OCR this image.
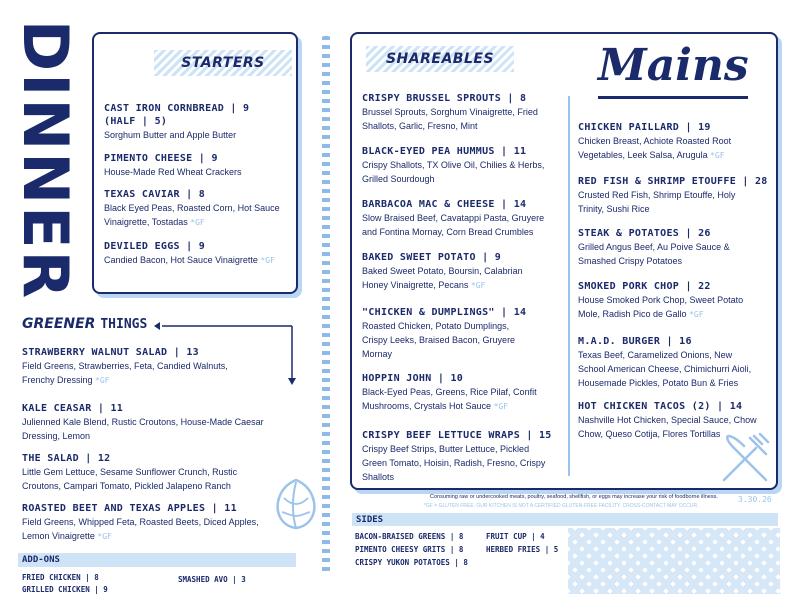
DINNER	STARTERS
CAST IRON CORNBREAD | 9
(HALF | 5)
Sorghum Butter and Apple Butter
PIMENTO CHEESE | 9
House-Made Red Wheat Crackers
TEXAS CAVIAR | 8
Black Eyed Peas, Roasted Corn, Hot Sauce
Vinaigrette, Tostadas *GF
DEVILED EGGS | 9
Candied Bacon, Hot Sauce Vinaigrette *GF
GREENER THINGS
STRAWBERRY WALNUT SALAD | 13
Field Greens, Strawberries, Feta, Candied Walnuts,
Frenchy Dressing *GF
KALE CEASAR | 11
Julienned Kale Blend, Rustic Croutons, House-Made Caesar
Dressing, Lemon
THE SALAD | 12
Little Gem Lettuce, Sesame Sunflower Crunch, Rustic
Croutons, Campari Tomato, Pickled Jalapeno Ranch
ROASTED BEET AND TEXAS APPLES | 11
Field Greens, Whipped Feta, Roasted Beets, Diced Apples,
Lemon Vinaigrette *GF
ADD-ONS
FRIED CHICKEN | 8
GRILLED CHICKEN | 9
SMASHED AVO | 3
SHAREABLES
CRISPY BRUSSEL SPROUTS | 8
Brussel Sprouts, Sorghum Vinaigrette, Fried
Shallots, Garlic, Fresno, Mint
BLACK-EYED PEA HUMMUS | 11
Crispy Shallots, TX Olive Oil, Chilies & Herbs,
Grilled Sourdough
BARBACOA MAC & CHEESE | 14
Slow Braised Beef, Cavatappi Pasta, Gruyere
and Fontina Mornay, Corn Bread Crumbles
BAKED SWEET POTATO | 9
Baked Sweet Potato, Boursin, Calabrian
Honey Vinaigrette, Pecans *GF
"CHICKEN & DUMPLINGS" | 14
Roasted Chicken, Potato Dumplings,
Crispy Leeks, Braised Bacon, Gruyere
Mornay
HOPPIN JOHN | 10
Black-Eyed Peas, Greens, Rice Pilaf, Confit
Mushrooms, Crystals Hot Sauce *GF
CRISPY BEEF LETTUCE WRAPS | 15
Crispy Beef Strips, Butter Lettuce, Pickled
Green Tomato, Hoisin, Radish, Fresno, Crispy
Shallots
Mains
CHICKEN PAILLARD | 19
Chicken Breast, Achiote Roasted Root
Vegetables, Leek Salsa, Arugula *GF
RED FISH & SHRIMP ETOUFFE | 28
Crusted Red Fish, Shrimp Etouffe, Holy
Trinity, Sushi Rice
STEAK & POTATOES | 26
Grilled Angus Beef, Au Poive Sauce &
Smashed Crispy Potatoes
SMOKED PORK CHOP | 22
House Smoked Pork Chop, Sweet Potato
Mole, Radish Pico de Gallo *GF
M.A.D. BURGER | 16
Texas Beef, Caramelized Onions, New
School American Cheese, Chimichurri Aioli,
Housemade Pickles, Potato Bun & Fries
HOT CHICKEN TACOS (2) | 14
Nashville Hot Chicken, Special Sauce, Chow
Chow, Queso Cotija, Flores Tortillas
Consuming raw or undercooked meats, poultry, seafood, shellfish, or eggs may increase your risk of foodborne illness.
*GF = GLUTEN FREE. OUR KITCHEN IS NOT A CERTIFIED GLUTEN-FREE FACILITY. CROSS-CONTACT MAY OCCUR.
3.30.26
SIDES
BACON-BRAISED GREENS | 8
PIMENTO CHEESY GRITS | 8
CRISPY YUKON POTATOES | 8
FRUIT CUP | 4
HERBED FRIES | 5
